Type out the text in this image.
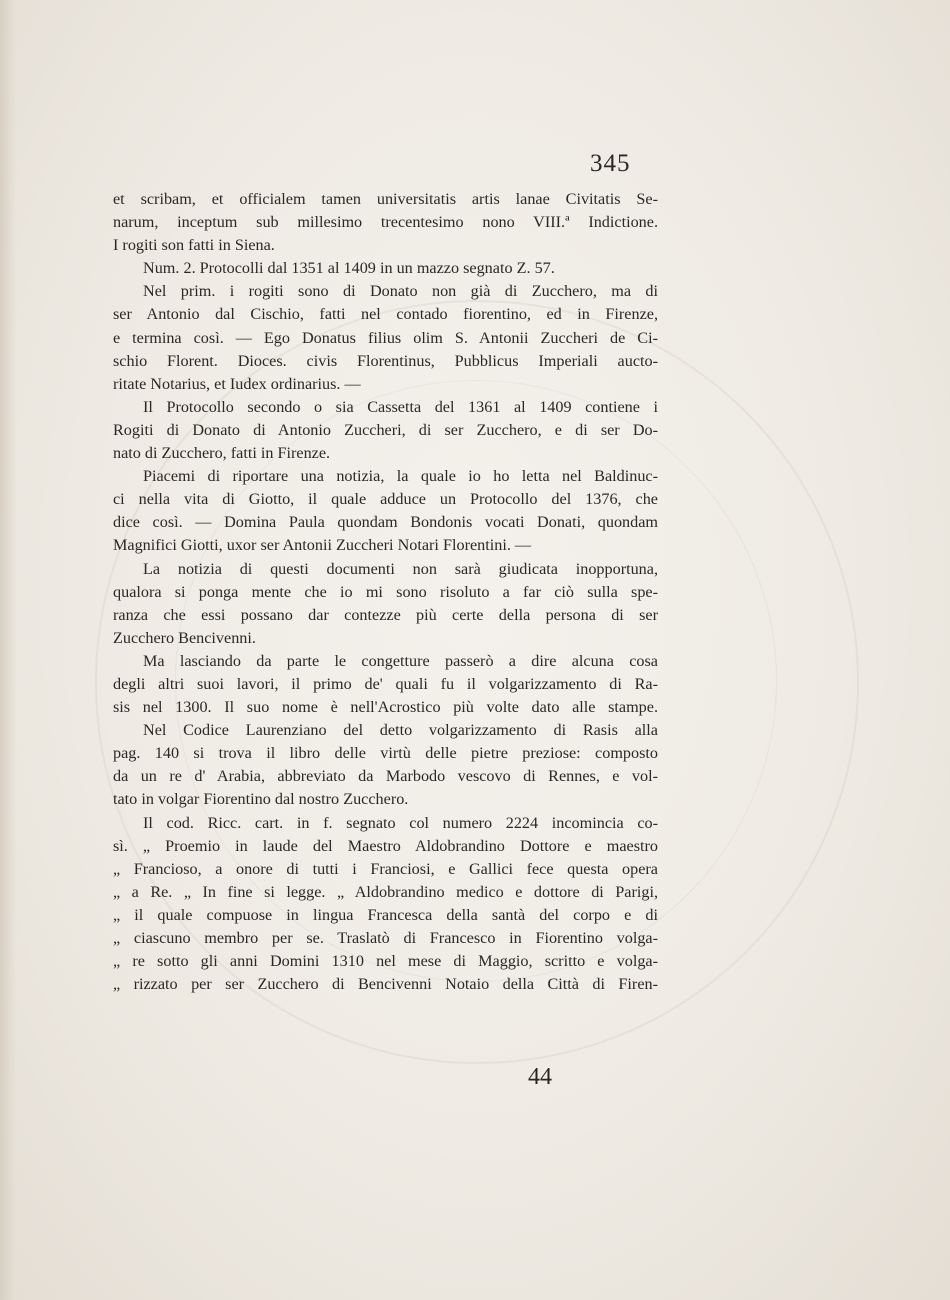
345
et scribam, et officialem tamen universitatis artis lanae Civitatis Se-
narum, inceptum sub millesimo trecentesimo nono VIII.ª Indictione.
I rogiti son fatti in Siena.
Num. 2. Protocolli dal 1351 al 1409 in un mazzo segnato Z. 57.
Nel prim. i rogiti sono di Donato non già di Zucchero, ma di
ser Antonio dal Cischio, fatti nel contado fiorentino, ed in Firenze,
e termina così. — Ego Donatus filius olim S. Antonii Zuccheri de Ci-
schio Florent. Dioces. civis Florentinus, Pubblicus Imperiali aucto-
ritate Notarius, et Iudex ordinarius. —
Il Protocollo secondo o sia Cassetta del 1361 al 1409 contiene i
Rogiti di Donato di Antonio Zuccheri, di ser Zucchero, e di ser Do-
nato di Zucchero, fatti in Firenze.
Piacemi di riportare una notizia, la quale io ho letta nel Baldinuc-
ci nella vita di Giotto, il quale adduce un Protocollo del 1376, che
dice così. — Domina Paula quondam Bondonis vocati Donati, quondam
Magnifici Giotti, uxor ser Antonii Zuccheri Notari Florentini. —
La notizia di questi documenti non sarà giudicata inopportuna,
qualora si ponga mente che io mi sono risoluto a far ciò sulla spe-
ranza che essi possano dar contezze più certe della persona di ser
Zucchero Bencivenni.
Ma lasciando da parte le congetture passerò a dire alcuna cosa
degli altri suoi lavori, il primo de' quali fu il volgarizzamento di Ra-
sis nel 1300. Il suo nome è nell'Acrostico più volte dato alle stampe.
Nel Codice Laurenziano del detto volgarizzamento di Rasis alla
pag. 140 si trova il libro delle virtù delle pietre preziose: composto
da un re d' Arabia, abbreviato da Marbodo vescovo di Rennes, e vol-
tato in volgar Fiorentino dal nostro Zucchero.
Il cod. Ricc. cart. in f. segnato col numero 2224 incomincia co-
sì. „ Proemio in laude del Maestro Aldobrandino Dottore e maestro
„ Francioso, a onore di tutti i Franciosi, e Gallici fece questa opera
„ a Re. „ In fine si legge. „ Aldobrandino medico e dottore di Parigi,
„ il quale compuose in lingua Francesca della santà del corpo e di
„ ciascuno membro per se. Traslatò di Francesco in Fiorentino volga-
„ re sotto gli anni Domini 1310 nel mese di Maggio, scritto e volga-
„ rizzato per ser Zucchero di Bencivenni Notaio della Città di Firen-
44
